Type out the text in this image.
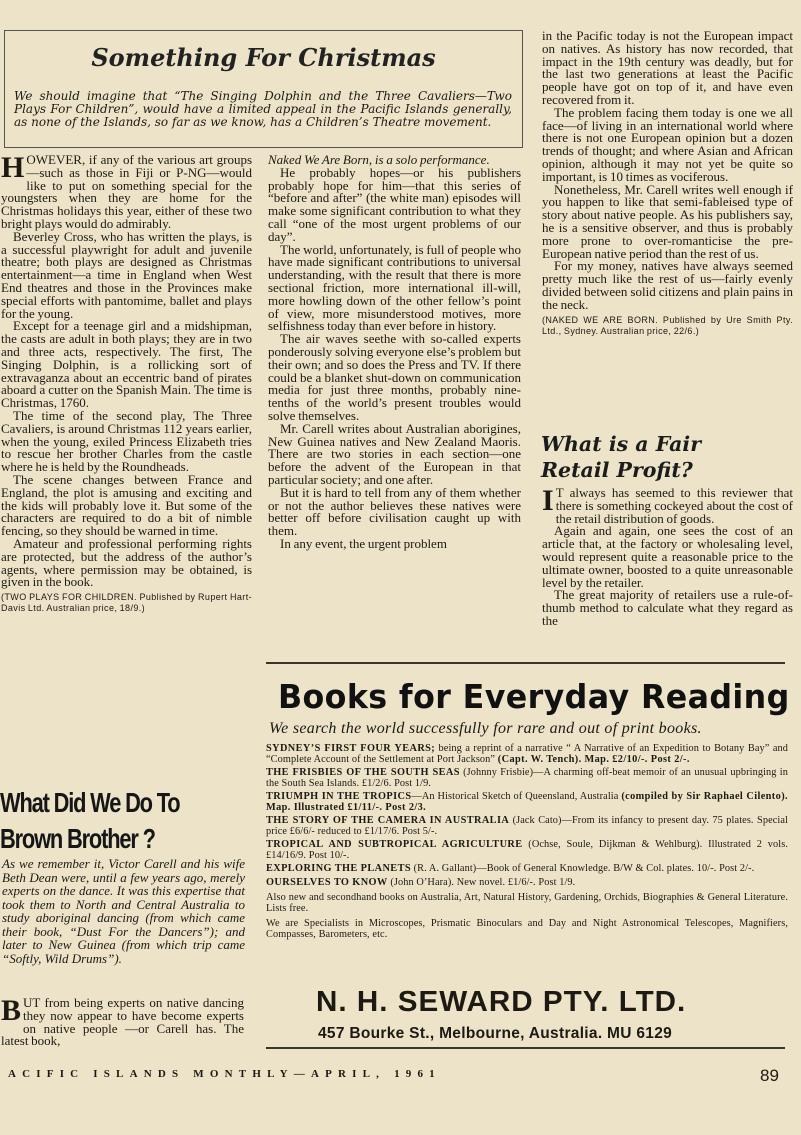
Something For Christmas
We should imagine that “The Singing Dolphin and the Three Cavaliers—Two Plays For Children”, would have a limited appeal in the Pacific Islands generally, as none of the Islands, so far as we know, has a Children’s Theatre movement.
H OWEVER, if any of the various art groups—such as those in Fiji or P-NG—would like to put on something special for the youngsters when they are home for the Christmas holidays this year, either of these two bright plays would do admirably.

Beverley Cross, who has written the plays, is a successful playwright for adult and juvenile theatre; both plays are designed as Christmas entertainment—a time in England when West End theatres and those in the Provinces make special efforts with pantomime, ballet and plays for the young.

Except for a teenage girl and a midshipman, the casts are adult in both plays; they are in two and three acts, respectively. The first, The Singing Dolphin, is a rollicking sort of extravaganza about an eccentric band of pirates aboard a cutter on the Spanish Main. The time is Christmas, 1760.

The time of the second play, The Three Cavaliers, is around Christmas 112 years earlier, when the young, exiled Princess Elizabeth tries to rescue her brother Charles from the castle where he is held by the Roundheads.

The scene changes between France and England, the plot is amusing and exciting and the kids will probably love it. But some of the characters are required to do a bit of nimble fencing, so they should be warned in time.

Amateur and professional performing rights are protected, but the address of the author’s agents, where permission may be obtained, is given in the book.

(TWO PLAYS FOR CHILDREN. Published by Rupert Hart-Davis Ltd. Australian price, 18/9.)
What Did We Do To
Brown Brother ?
As we remember it, Victor Carell and his wife Beth Dean were, until a few years ago, merely experts on the dance. It was this expertise that took them to North and Central Australia to study aboriginal dancing (from which came their book, “Dust For the Dancers”); and later to New Guinea (from which trip came “Softly, Wild Drums”).
B UT from being experts on native dancing they now appear to have become experts on native people —or Carell has. The latest book,

Naked We Are Born, is a solo performance.

He probably hopes—or his publishers probably hope for him—that this series of “before and after” (the white man) episodes will make some significant contribution to what they call “one of the most urgent problems of our day”.

The world, unfortunately, is full of people who have made significant contributions to universal understanding, with the result that there is more sectional friction, more international ill-will, more howling down of the other fellow’s point of view, more misunderstood motives, more selfishness today than ever before in history.

The air waves seethe with so-called experts ponderously solving everyone else’s problem but their own; and so does the Press and TV. If there could be a blanket shut-down on communication media for just three months, probably nine-tenths of the world’s present troubles would solve themselves.

Mr. Carell writes about Australian aborigines, New Guinea natives and New Zealand Maoris. There are two stories in each section—one before the advent of the European in that particular society; and one after.

But it is hard to tell from any of them whether or not the author believes these natives were better off before civilisation caught up with them.

In any event, the urgent problem

in the Pacific today is not the European impact on natives. As history has now recorded, that impact in the 19th century was deadly, but for the last two generations at least the Pacific people have got on top of it, and have even recovered from it.

The problem facing them today is one we all face—of living in an international world where there is not one European opinion but a dozen trends of thought; and where Asian and African opinion, although it may not yet be quite so important, is 10 times as vociferous.

Nonetheless, Mr. Carell writes well enough if you happen to like that semi-fableised type of story about native people. As his publishers say, he is a sensitive observer, and thus is probably more prone to over-romanticise the pre-European native period than the rest of us.

For my money, natives have always seemed pretty much like the rest of us—fairly evenly divided between solid citizens and plain pains in the neck.

(NAKED WE ARE BORN. Published by Ure Smith Pty. Ltd., Sydney. Australian price, 22/6.)
What is a Fair
Retail Profit?
I T always has seemed to this reviewer that there is something cockeyed about the cost of the retail distribution of goods.

Again and again, one sees the cost of an article that, at the factory or wholesaling level, would represent quite a reasonable price to the ultimate owner, boosted to a quite unreasonable level by the retailer.

The great majority of retailers use a rule-of-thumb method to calculate what they regard as the

Books for Everyday Reading
We search the world successfully for rare and out of print books.
SYDNEY’S FIRST FOUR YEARS; being a reprint of a narrative “ A Narrative of an Expedition to Botany Bay” and “Complete Account of the Settlement at Port Jackson” (Capt. W. Tench). Map. £2/10/-. Post 2/-.
THE FRISBIES OF THE SOUTH SEAS (Johnny Frisbie)—A charming off-beat memoir of an unusual upbringing in the South Sea Islands. £1/2/6. Post 1/9.
TRIUMPH IN THE TROPICS—An Historical Sketch of Queensland, Australia (compiled by Sir Raphael Cilento). Map. Illustrated £1/11/-. Post 2/3.
THE STORY OF THE CAMERA IN AUSTRALIA (Jack Cato)—From its infancy to present day. 75 plates. Special price £6/6/- reduced to £1/17/6. Post 5/-.
TROPICAL AND SUBTROPICAL AGRICULTURE (Ochse, Soule, Dijkman & Wehlburg). Illustrated 2 vols. £14/16/9. Post 10/-.
EXPLORING THE PLANETS (R. A. Gallant)—Book of General Knowledge. B/W & Col. plates. 10/-. Post 2/-.
OURSELVES TO KNOW (John O’Hara). New novel. £1/6/-. Post 1/9.
Also new and secondhand books on Australia, Art, Natural History, Gardening, Orchids, Biographies & General Literature. Lists free.
We are Specialists in Microscopes, Prismatic Binoculars and Day and Night Astronomical Telescopes, Magnifiers, Compasses, Barometers, etc.
N. H. SEWARD PTY. LTD.
457 Bourke St., Melbourne, Australia. MU 6129
ACIFIC ISLANDS MONTHLY—APRIL, 1961	89
